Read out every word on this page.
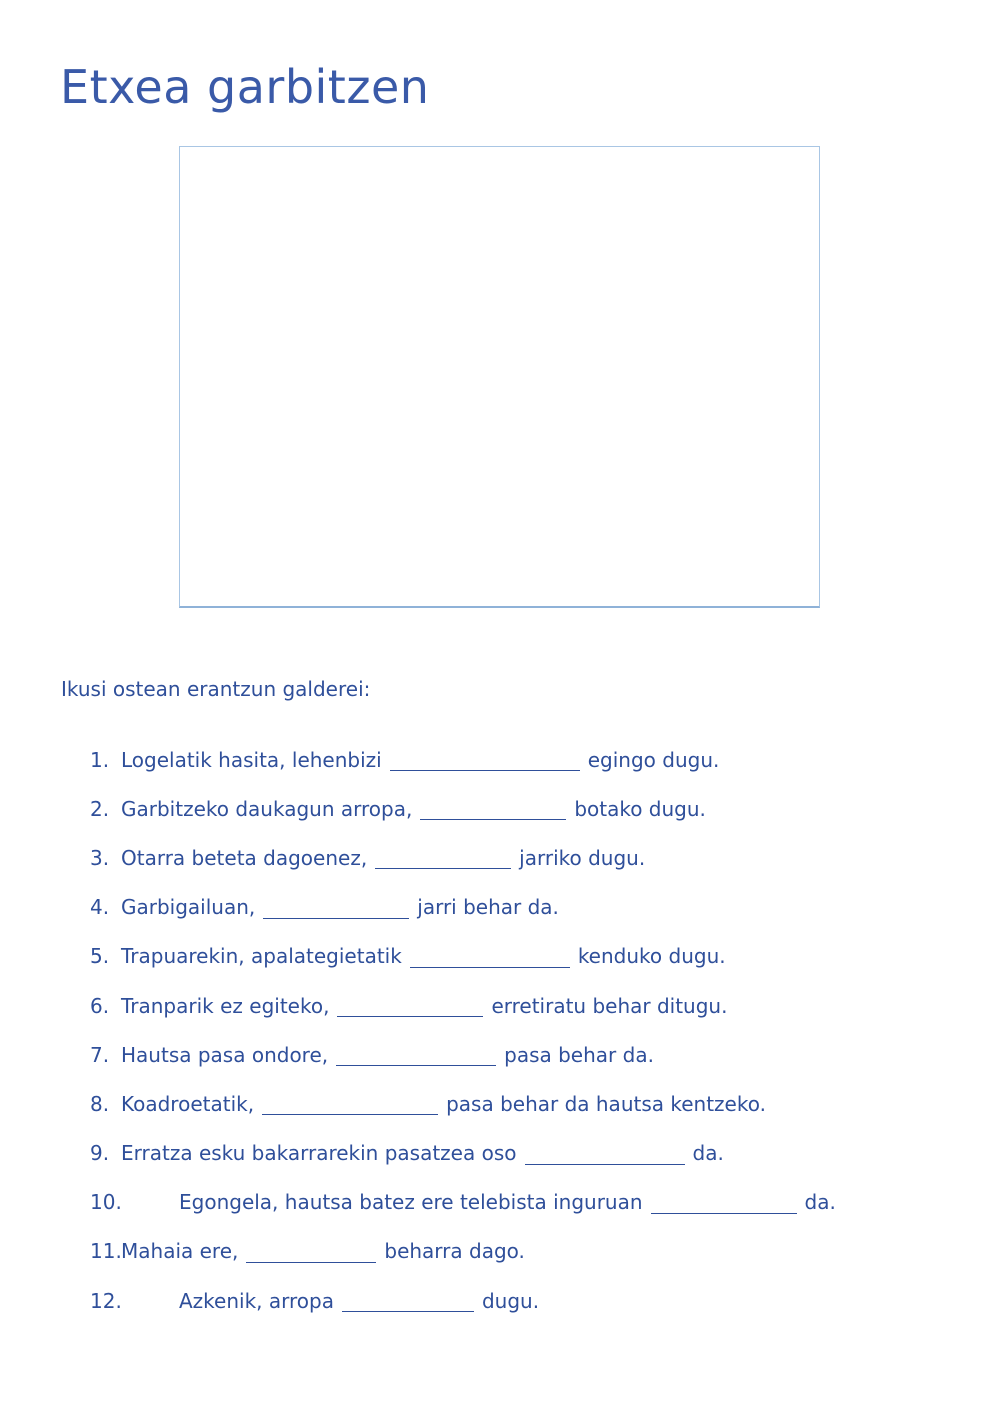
Etxea garbitzen
Ikusi ostean erantzun galderei:
1. Logelatik hasita, lehenbizi	egingo dugu.
2. Garbitzeko daukagun arropa,	botako dugu.
3. Otarra beteta dagoenez,	jarriko dugu.
4. Garbigailuan,	jarri behar da.
5. Trapuarekin, apalategietatik	kenduko dugu.
6. Tranparik ez egiteko,	erretiratu behar ditugu.
7. Hautsa pasa ondore,	pasa behar da.
8. Koadroetatik,	pasa behar da hautsa kentzeko.
9. Erratza esku bakarrarekin pasatzea oso	da.
10.	Egongela, hautsa batez ere telebista inguruan	da.
11. Mahaia ere,	beharra dago.
12.	Azkenik, arropa	dugu.
